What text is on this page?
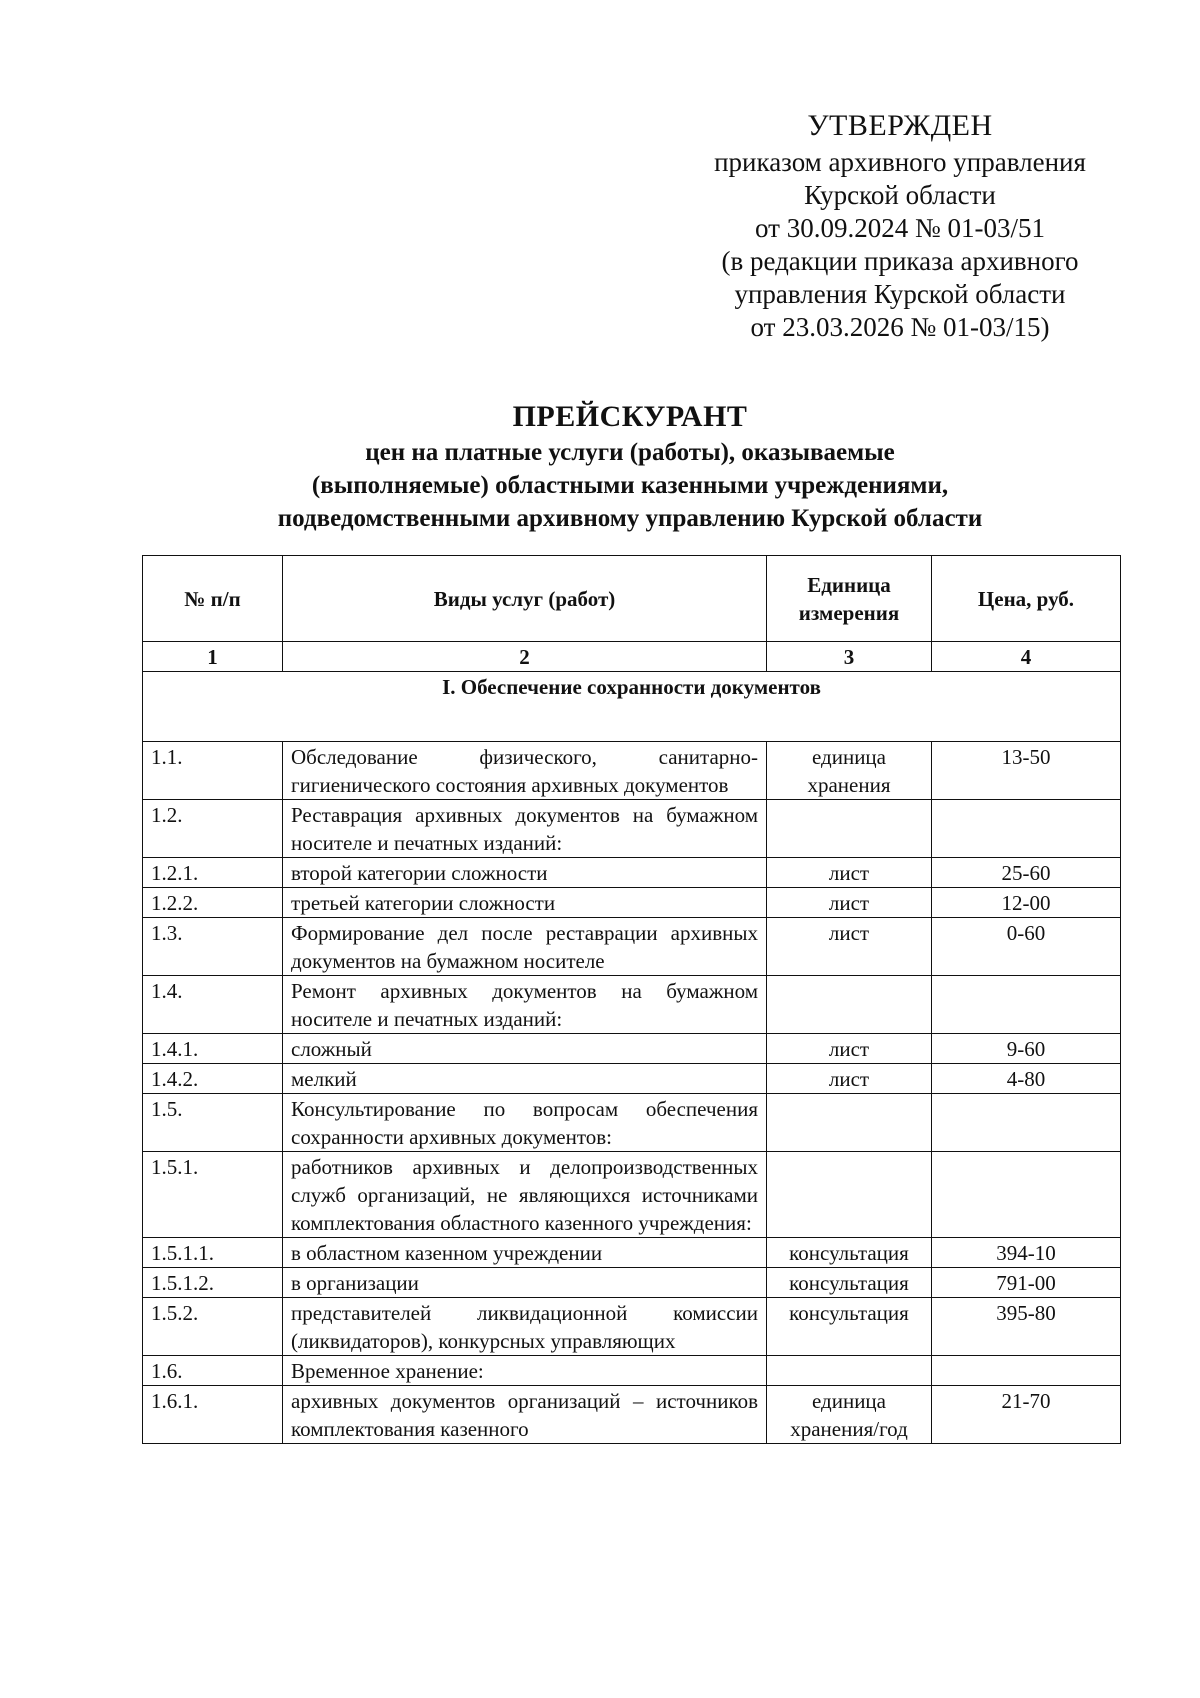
УТВЕРЖДЕН
приказом архивного управления
Курской области
от 30.09.2024 № 01-03/51
(в редакции приказа архивного
управления Курской области
от 23.03.2026 № 01-03/15)
ПРЕЙСКУРАНТ
цен на платные услуги (работы), оказываемые
(выполняемые) областными казенными учреждениями,
подведомственными архивному управлению Курской области
№ п/п	Виды услуг (работ)	Единица измерения	Цена, руб.
1	2	3	4
I. Обеспечение сохранности документов			
1.1.	Обследование физического, санитарно-гигиенического состояния архивных документов	единица хранения	13-50
1.2.	Реставрация архивных документов на бумажном носителе и печатных изданий:		
1.2.1.	второй категории сложности	лист	25-60
1.2.2.	третьей категории сложности	лист	12-00
1.3.	Формирование дел после реставрации архивных документов на бумажном носителе	лист	0-60
1.4.	Ремонт архивных документов на бумажном носителе и печатных изданий:		
1.4.1.	сложный	лист	9-60
1.4.2.	мелкий	лист	4-80
1.5.	Консультирование по вопросам обеспечения сохранности архивных документов:		
1.5.1.	работников архивных и делопроизводственных служб организаций, не являющихся источниками комплектования областного казенного учреждения:		
1.5.1.1.	в областном казенном учреждении	консультация	394-10
1.5.1.2.	в организации	консультация	791-00
1.5.2.	представителей ликвидационной комиссии (ликвидаторов), конкурсных управляющих	консультация	395-80
1.6.	Временное хранение:		
1.6.1.	архивных документов организаций – источников комплектования казенного	единица хранения/год	21-70
